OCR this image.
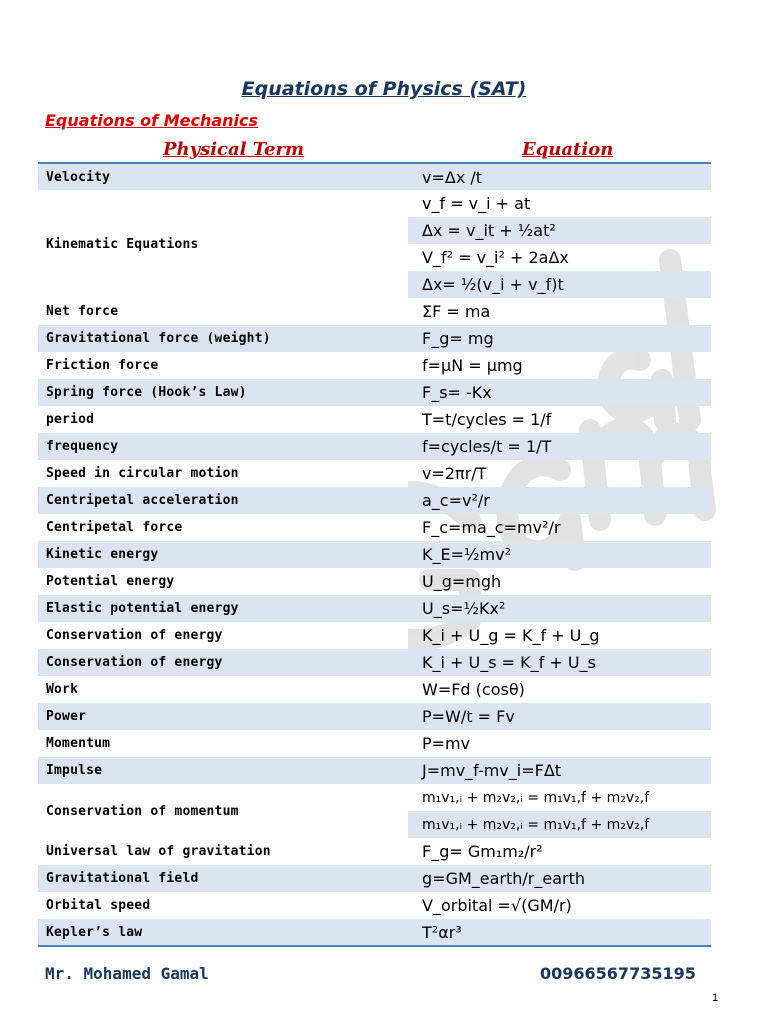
Equations of Physics (SAT)
Equations of Mechanics
Physical Term	Equation
Velocity	v=Δx /t
Kinematic Equations	v_f = v_i + at
	Δx = v_it + ½at²
	V_f² = v_i² + 2aΔx
	Δx= ½(v_i + v_f)t
Net force	ΣF = ma
Gravitational force (weight)	F_g= mg
Friction force	f=μN = μmg
Spring force (Hook’s Law)	F_s= -Kx
period	T=t/cycles = 1/f
frequency	f=cycles/t = 1/T
Speed in circular motion	v=2πr/T
Centripetal acceleration	a_c=v²/r
Centripetal force	F_c=ma_c=mv²/r
Kinetic energy	K_E=½mv²
Potential energy	U_g=mgh
Elastic potential energy	U_s=½Kx²
Conservation of energy	K_i + U_g = K_f + U_g
Conservation of energy	K_i + U_s = K_f + U_s
Work	W=Fd (cosθ)
Power	P=W/t = Fv
Momentum	P=mv
Impulse	J=mv_f-mv_i=FΔt
Conservation of momentum	m₁v₁,ᵢ + m₂v₂,ᵢ = m₁v₁,f + m₂v₂,f
	m₁v₁,ᵢ + m₂v₂,ᵢ = m₁v₁,f + m₂v₂,f
Universal law of gravitation	F_g= Gm₁m₂/r²
Gravitational field	g=GM_earth/r_earth
Orbital speed	V_orbital =√(GM/r)
Kepler’s law	T²αr³
Mr. Mohamed Gamal	00966567735195
1
